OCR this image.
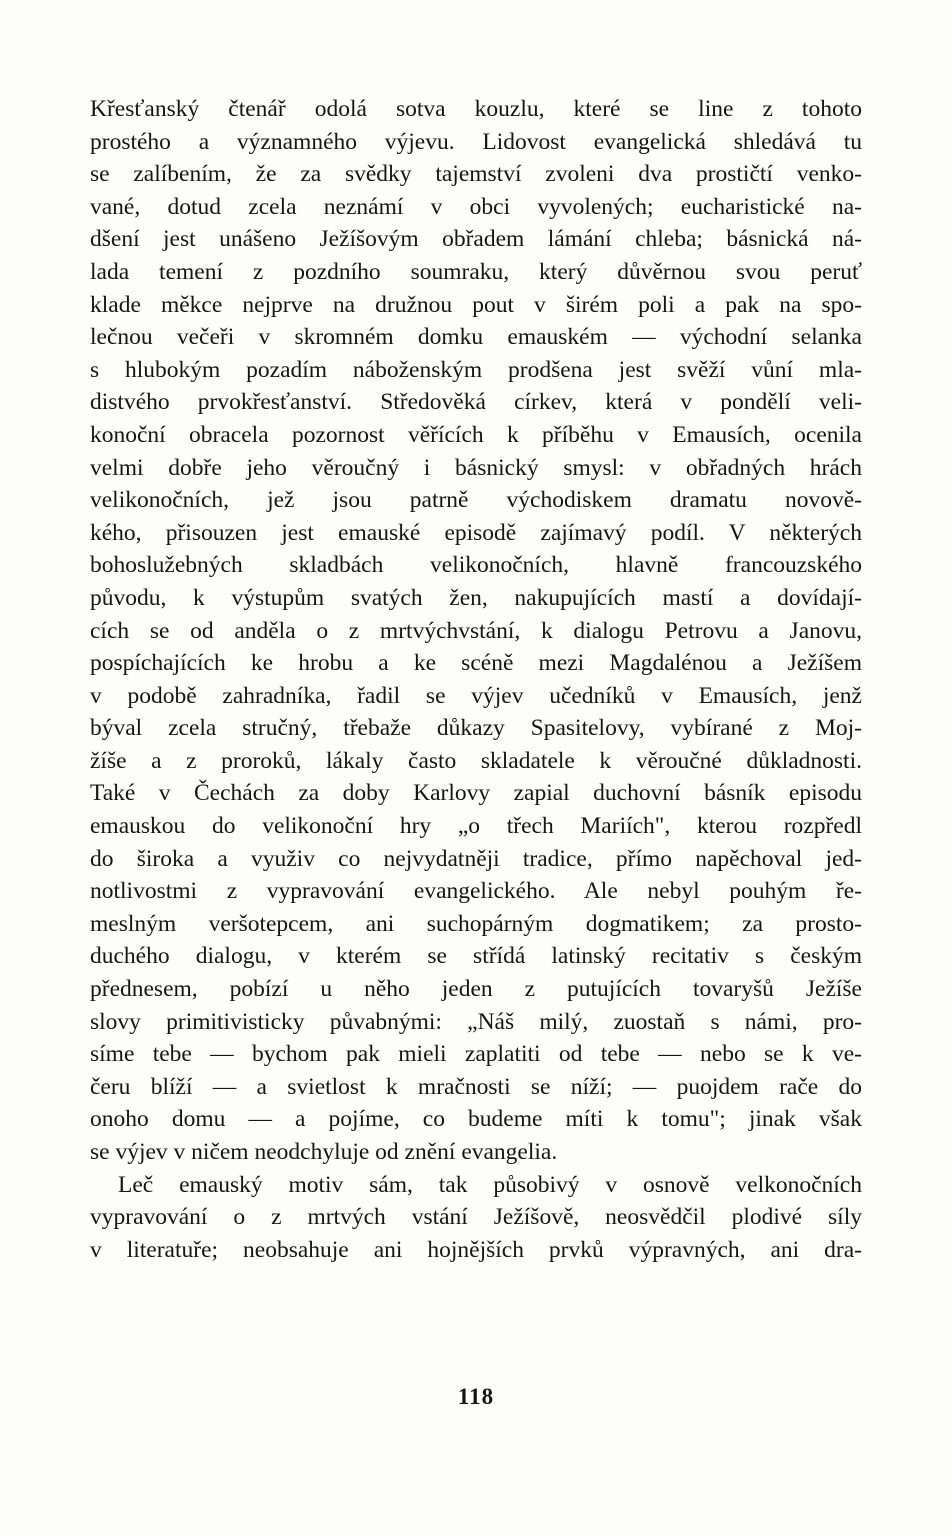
Křesťanský čtenář odolá sotva kouzlu, které se line z tohoto
prostého a významného výjevu. Lidovost evangelická shledává tu
se zalíbením, že za svědky tajemství zvoleni dva prostičtí venko-
vané, dotud zcela neznámí v obci vyvolených; eucharistické na-
dšení jest unášeno Ježíšovým obřadem lámání chleba; básnická ná-
lada temení z pozdního soumraku, který důvěrnou svou peruť
klade měkce nejprve na družnou pout v širém poli a pak na spo-
lečnou večeři v skromném domku emauském — východní selanka
s hlubokým pozadím náboženským prodšena jest svěží vůní mla-
distvého prvokřesťanství. Středověká církev, která v pondělí veli-
konoční obracela pozornost věřících k příběhu v Emausích, ocenila
velmi dobře jeho věroučný i básnický smysl: v obřadných hrách
velikonočních, jež jsou patrně východiskem dramatu novově-
kého, přisouzen jest emauské episodě zajímavý podíl. V některých
bohoslužebných skladbách velikonočních, hlavně francouzského
původu, k výstupům svatých žen, nakupujících mastí a dovídají-
cích se od anděla o z mrtvýchvstání, k dialogu Petrovu a Janovu,
pospíchajících ke hrobu a ke scéně mezi Magdalénou a Ježíšem
v podobě zahradníka, řadil se výjev učedníků v Emausích, jenž
býval zcela stručný, třebaže důkazy Spasitelovy, vybírané z Moj-
žíše a z proroků, lákaly často skladatele k věroučné důkladnosti.
Také v Čechách za doby Karlovy zapial duchovní básník episodu
emauskou do velikonoční hry „o třech Mariích", kterou rozpředl
do široka a využiv co nejvydatněji tradice, přímo napěchoval jed-
notlivostmi z vypravování evangelického. Ale nebyl pouhým ře-
meslným veršotepcem, ani suchopárným dogmatikem; za prosto-
duchého dialogu, v kterém se střídá latinský recitativ s českým
přednesem, pobízí u něho jeden z putujících tovaryšů Ježíše
slovy primitivisticky půvabnými: „Náš milý, zuostaň s námi, pro-
síme tebe — bychom pak mieli zaplatiti od tebe — nebo se k ve-
čeru blíží — a svietlost k mračnosti se níží; — puojdem rače do
onoho domu — a pojíme, co budeme míti k tomu"; jinak však
se výjev v ničem neodchyluje od znění evangelia.
Leč emauský motiv sám, tak působivý v osnově velkonočních
vypravování o z mrtvých vstání Ježíšově, neosvědčil plodivé síly
v literatuře; neobsahuje ani hojnějších prvků výpravných, ani dra-
118
